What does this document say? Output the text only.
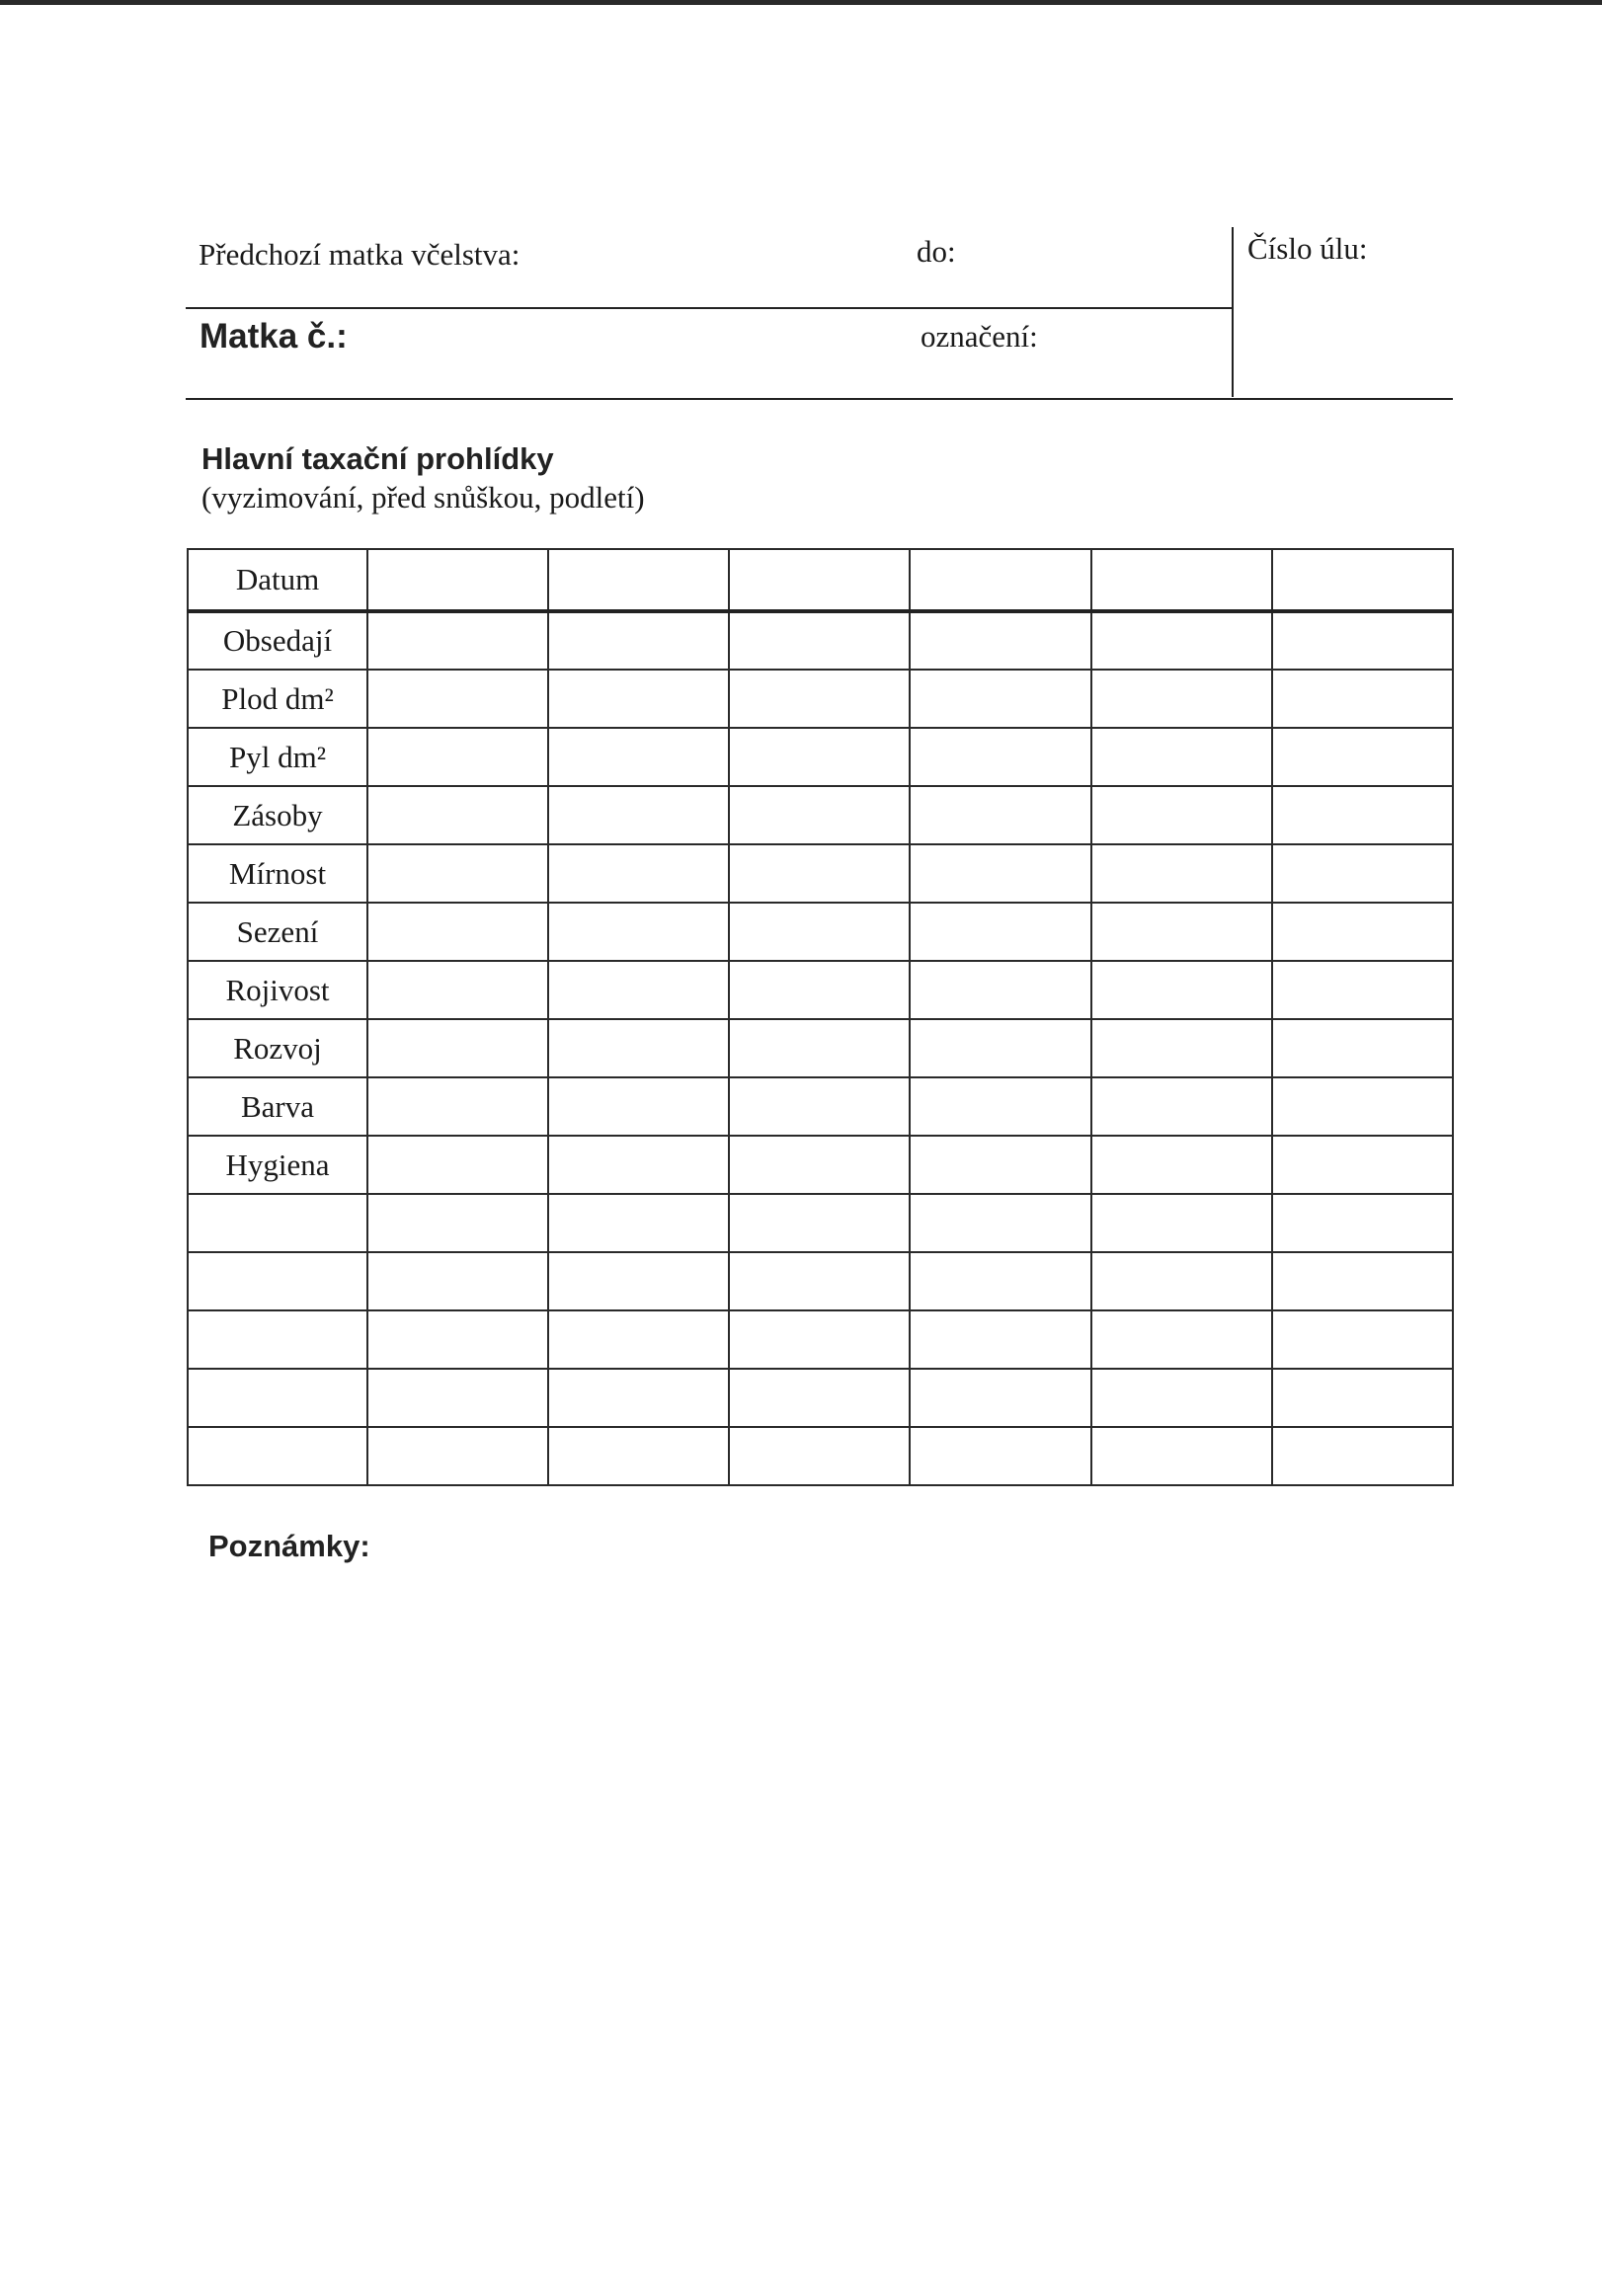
Předchozí matka včelstva:	do:	Číslo úlu:
Matka č.:	označení:
Hlavní taxační prohlídky
(vyzimování, před snůškou, podletí)
Datum						
Obsedají						
Plod dm²						
Pyl dm²						
Zásoby						
Mírnost						
Sezení						
Rojivost						
Rozvoj						
Barva						
Hygiena						

Poznámky:
